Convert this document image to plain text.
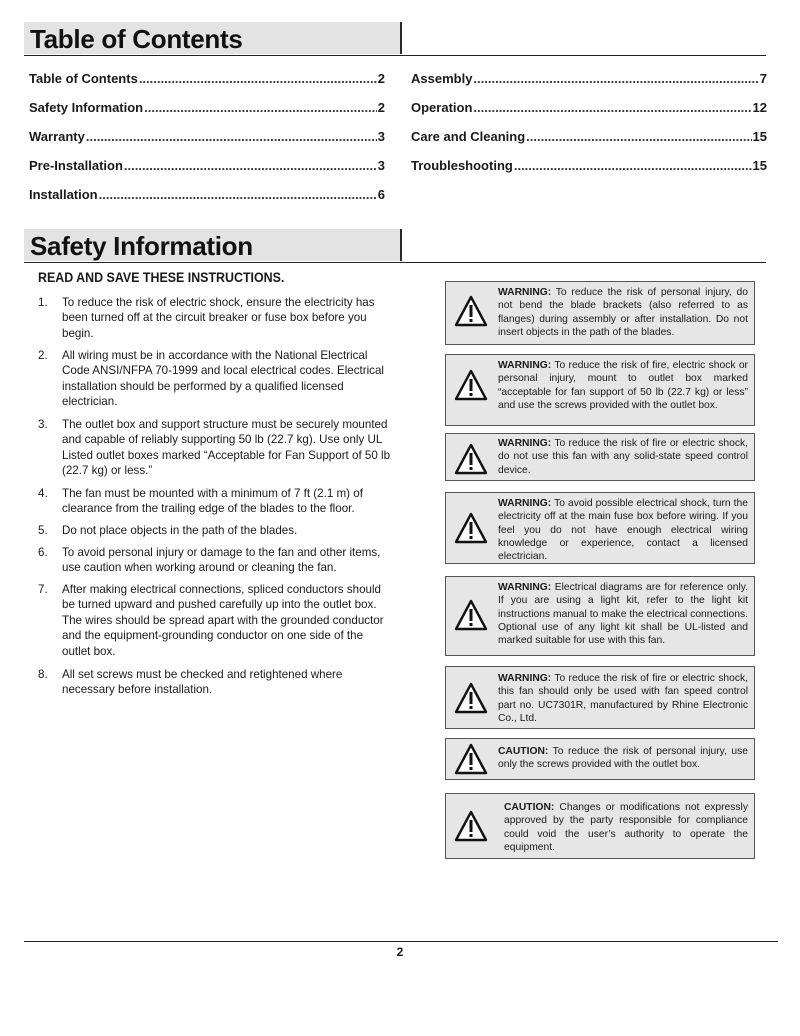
Table of Contents
Table of Contents .....	2
Safety Information .....	2
Warranty .....	3
Pre-Installation .....	3
Installation .....	6
Assembly .....	7
Operation .....	12
Care and Cleaning .....	15
Troubleshooting .....	15
Safety Information
READ AND SAVE THESE INSTRUCTIONS.
1.	To reduce the risk of electric shock, ensure the electricity has been turned off at the circuit breaker or fuse box before you begin.
2.	All wiring must be in accordance with the National Electrical Code ANSI/NFPA 70-1999 and local electrical codes. Electrical installation should be performed by a qualified licensed electrician.
3.	The outlet box and support structure must be securely mounted and capable of reliably supporting 50 lb (22.7 kg). Use only UL Listed outlet boxes marked “Acceptable for Fan Support of 50 lb (22.7 kg) or less.”
4.	The fan must be mounted with a minimum of 7 ft (2.1 m) of clearance from the trailing edge of the blades to the floor.
5.	Do not place objects in the path of the blades.
6.	To avoid personal injury or damage to the fan and other items, use caution when working around or cleaning the fan.
7.	After making electrical connections, spliced conductors should be turned upward and pushed carefully up into the outlet box. The wires should be spread apart with the grounded conductor and the equipment-grounding conductor on one side of the outlet box.
8.	All set screws must be checked and retightened where necessary before installation.
WARNING: To reduce the risk of personal injury, do not bend the blade brackets (also referred to as flanges) during assembly or after installation. Do not insert objects in the path of the blades.
WARNING: To reduce the risk of fire, electric shock or personal injury, mount to outlet box marked “acceptable for fan support of 50 lb (22.7 kg) or less” and use the screws provided with the outlet box.
WARNING: To reduce the risk of fire or electric shock, do not use this fan with any solid-state speed control device.
WARNING: To avoid possible electrical shock, turn the electricity off at the main fuse box before wiring. If you feel you do not have enough electrical wiring knowledge or experience, contact a licensed electrician.
WARNING: Electrical diagrams are for reference only. If you are using a light kit, refer to the light kit instructions manual to make the electrical connections. Optional use of any light kit shall be UL-listed and marked suitable for use with this fan.
WARNING: To reduce the risk of fire or electric shock, this fan should only be used with fan speed control part no. UC7301R, manufactured by Rhine Electronic Co., Ltd.
CAUTION: To reduce the risk of personal injury, use only the screws provided with the outlet box.
CAUTION: Changes or modifications not expressly approved by the party responsible for compliance could void the user’s authority to operate the equipment.
2
